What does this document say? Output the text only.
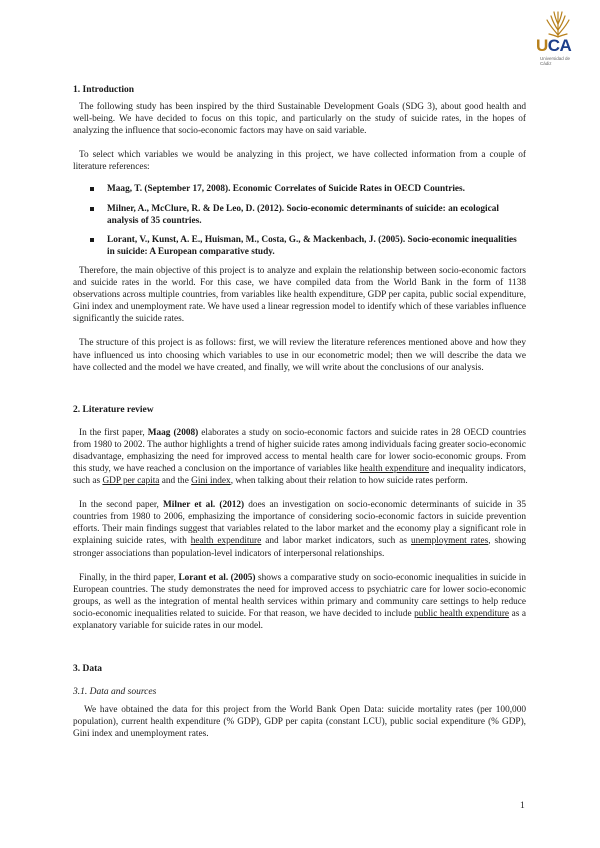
UCA
Universidad de Cádiz
1. Introduction

The following study has been inspired by the third Sustainable Development Goals (SDG 3), about good health and well-being. We have decided to focus on this topic, and particularly on the study of suicide rates, in the hopes of analyzing the influence that socio-economic factors may have on said variable.

To select which variables we would be analyzing in this project, we have collected information from a couple of literature references:

Maag, T. (September 17, 2008). Economic Correlates of Suicide Rates in OECD Countries.
Milner, A., McClure, R. & De Leo, D. (2012). Socio-economic determinants of suicide: an ecological analysis of 35 countries.
Lorant, V., Kunst, A. E., Huisman, M., Costa, G., & Mackenbach, J. (2005). Socio-economic inequalities in suicide: A European comparative study.

Therefore, the main objective of this project is to analyze and explain the relationship between socio-economic factors and suicide rates in the world. For this case, we have compiled data from the World Bank in the form of 1138 observations across multiple countries, from variables like health expenditure, GDP per capita, public social expenditure, Gini index and unemployment rate. We have used a linear regression model to identify which of these variables influence significantly the suicide rates.

The structure of this project is as follows: first, we will review the literature references mentioned above and how they have influenced us into choosing which variables to use in our econometric model; then we will describe the data we have collected and the model we have created, and finally, we will write about the conclusions of our analysis.

2. Literature review

In the first paper, Maag (2008) elaborates a study on socio-economic factors and suicide rates in 28 OECD countries from 1980 to 2002. The author highlights a trend of higher suicide rates among individuals facing greater socio-economic disadvantage, emphasizing the need for improved access to mental health care for lower socio-economic groups. From this study, we have reached a conclusion on the importance of variables like health expenditure and inequality indicators, such as GDP per capita and the Gini index, when talking about their relation to how suicide rates perform.

In the second paper, Milner et al. (2012) does an investigation on socio-economic determinants of suicide in 35 countries from 1980 to 2006, emphasizing the importance of considering socio-economic factors in suicide prevention efforts. Their main findings suggest that variables related to the labor market and the economy play a significant role in explaining suicide rates, with health expenditure and labor market indicators, such as unemployment rates, showing stronger associations than population-level indicators of interpersonal relationships.

Finally, in the third paper, Lorant et al. (2005) shows a comparative study on socio-economic inequalities in suicide in European countries. The study demonstrates the need for improved access to psychiatric care for lower socio-economic groups, as well as the integration of mental health services within primary and community care settings to help reduce socio-economic inequalities related to suicide. For that reason, we have decided to include public health expenditure as a explanatory variable for suicide rates in our model.

3. Data
3.1. Data and sources

We have obtained the data for this project from the World Bank Open Data: suicide mortality rates (per 100,000 population), current health expenditure (% GDP), GDP per capita (constant LCU), public social expenditure (% GDP), Gini index and unemployment rates.

1
